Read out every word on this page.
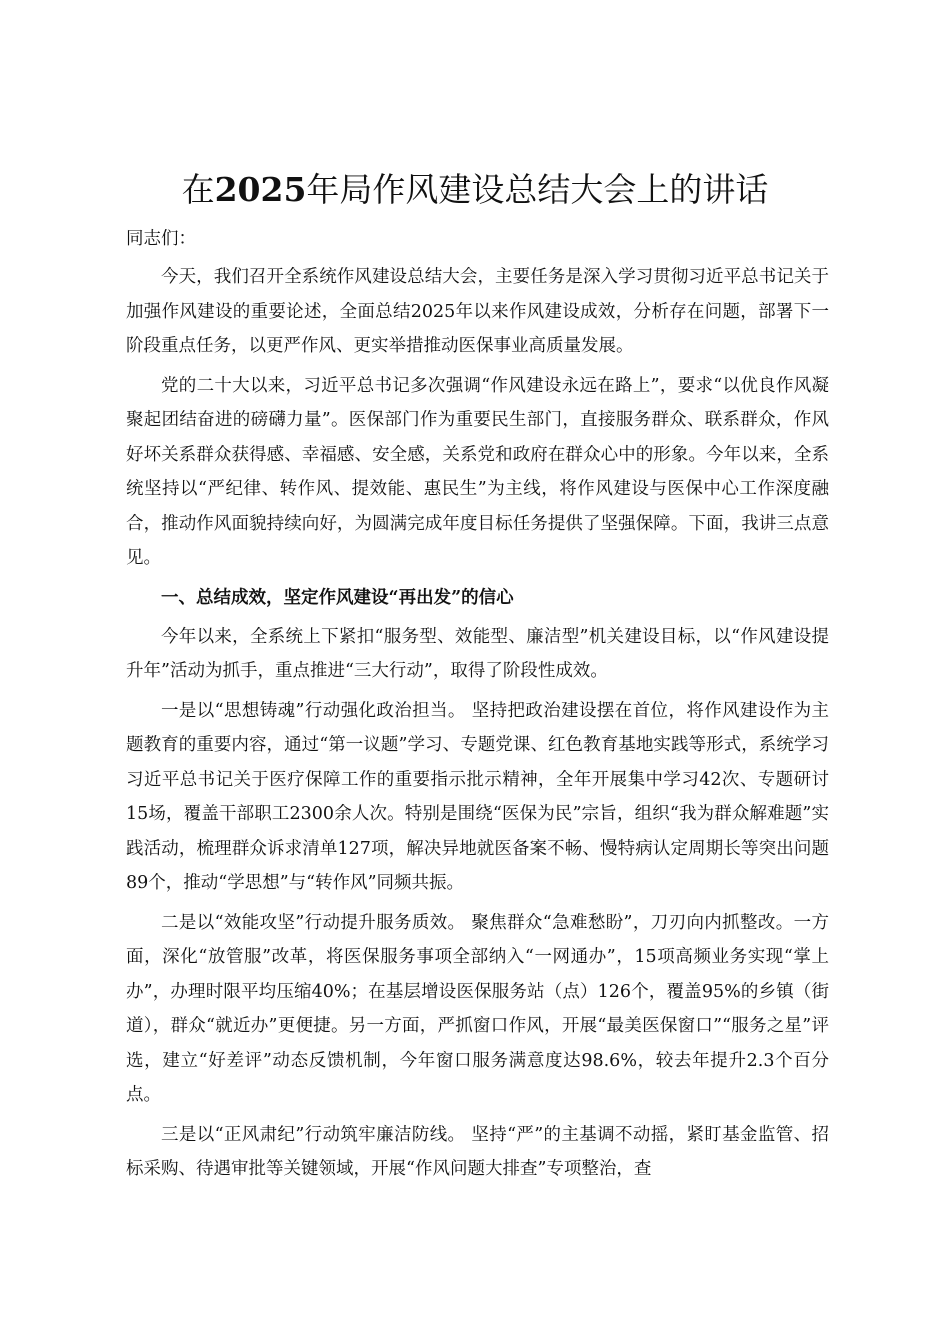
在2025年局作风建设总结大会上的讲话

同志们：

今天，我们召开全系统作风建设总结大会，主要任务是深入学习贯彻习近平总书记关于加强作风建设的重要论述，全面总结2025年以来作风建设成效，分析存在问题，部署下一阶段重点任务，以更严作风、更实举措推动医保事业高质量发展。

党的二十大以来，习近平总书记多次强调“作风建设永远在路上”，要求“以优良作风凝聚起团结奋进的磅礴力量”。医保部门作为重要民生部门，直接服务群众、联系群众，作风好坏关系群众获得感、幸福感、安全感，关系党和政府在群众心中的形象。今年以来，全系统坚持以“严纪律、转作风、提效能、惠民生”为主线，将作风建设与医保中心工作深度融合，推动作风面貌持续向好，为圆满完成年度目标任务提供了坚强保障。下面，我讲三点意见。

一、总结成效，坚定作风建设“再出发”的信心

今年以来，全系统上下紧扣“服务型、效能型、廉洁型”机关建设目标，以“作风建设提升年”活动为抓手，重点推进“三大行动”，取得了阶段性成效。

一是以“思想铸魂”行动强化政治担当。 坚持把政治建设摆在首位，将作风建设作为主题教育的重要内容，通过“第一议题”学习、专题党课、红色教育基地实践等形式，系统学习习近平总书记关于医疗保障工作的重要指示批示精神，全年开展集中学习42次、专题研讨15场，覆盖干部职工2300余人次。特别是围绕“医保为民”宗旨，组织“我为群众解难题”实践活动，梳理群众诉求清单127项，解决异地就医备案不畅、慢特病认定周期长等突出问题89个，推动“学思想”与“转作风”同频共振。

二是以“效能攻坚”行动提升服务质效。 聚焦群众“急难愁盼”，刀刃向内抓整改。一方面，深化“放管服”改革，将医保服务事项全部纳入“一网通办”，15项高频业务实现“掌上办”，办理时限平均压缩40%；在基层增设医保服务站（点）126个，覆盖95%的乡镇（街道），群众“就近办”更便捷。另一方面，严抓窗口作风，开展“最美医保窗口”“服务之星”评选，建立“好差评”动态反馈机制，今年窗口服务满意度达98.6%，较去年提升2.3个百分点。

三是以“正风肃纪”行动筑牢廉洁防线。 坚持“严”的主基调不动摇，紧盯基金监管、招标采购、待遇审批等关键领域，开展“作风问题大排查”专项整治，查
